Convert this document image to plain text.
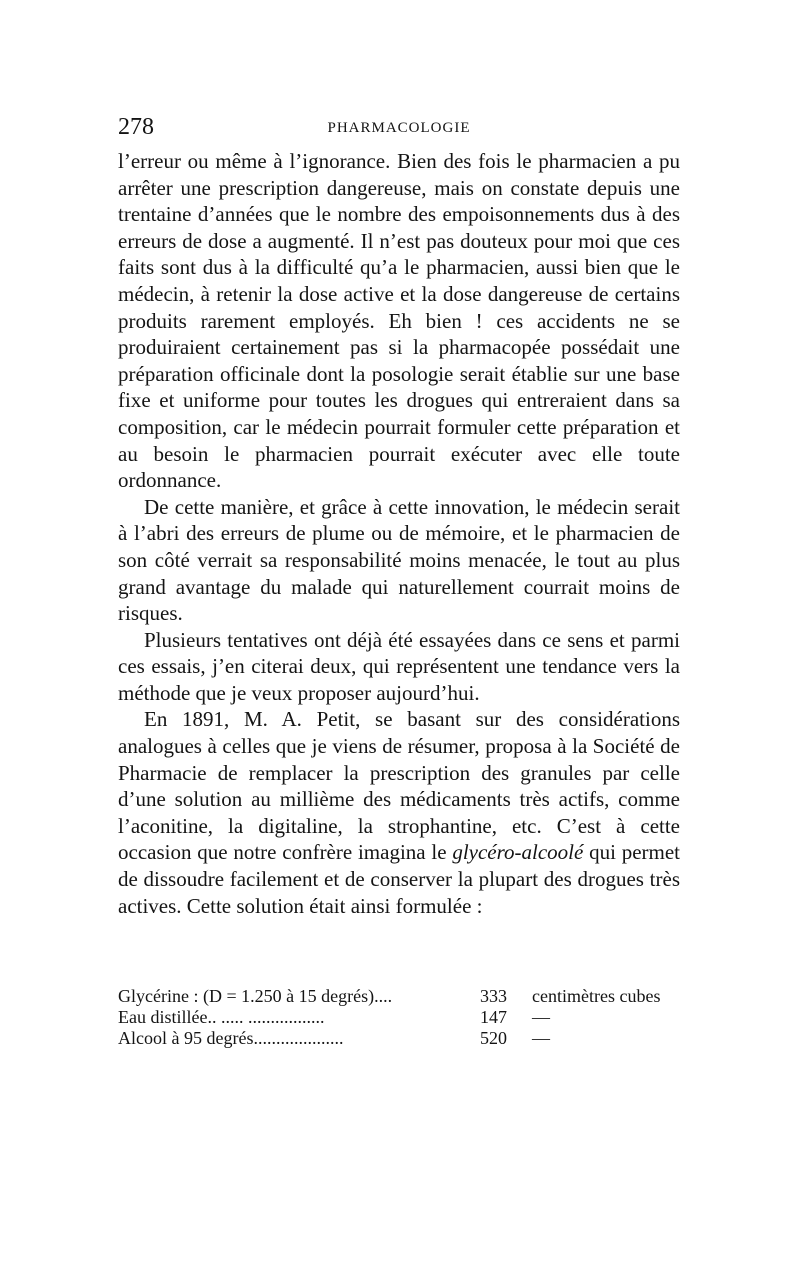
278	PHARMACOLOGIE

l’erreur ou même à l’ignorance. Bien des fois le pharmacien a pu arrêter une prescription dangereuse, mais on constate depuis une trentaine d’années que le nombre des empoisonnements dus à des erreurs de dose a augmenté. Il n’est pas douteux pour moi que ces faits sont dus à la difficulté qu’a le pharmacien, aussi bien que le médecin, à retenir la dose active et la dose dangereuse de certains produits rarement employés. Eh bien ! ces accidents ne se produiraient certainement pas si la pharmacopée possédait une préparation officinale dont la posologie serait établie sur une base fixe et uniforme pour toutes les drogues qui entreraient dans sa composition, car le médecin pourrait formuler cette préparation et au besoin le pharmacien pourrait exécuter avec elle toute ordonnance.

De cette manière, et grâce à cette innovation, le médecin serait à l’abri des erreurs de plume ou de mémoire, et le pharmacien de son côté verrait sa responsabilité moins menacée, le tout au plus grand avantage du malade qui naturellement courrait moins de risques.

Plusieurs tentatives ont déjà été essayées dans ce sens et parmi ces essais, j’en citerai deux, qui représentent une tendance vers la méthode que je veux proposer aujourd’hui.

En 1891, M. A. Petit, se basant sur des considérations analogues à celles que je viens de résumer, proposa à la Société de Pharmacie de remplacer la prescription des granules par celle d’une solution au millième des médicaments très actifs, comme l’aconitine, la digitaline, la strophantine, etc. C’est à cette occasion que notre confrère imagina le glycéro-alcoolé qui permet de dissoudre facilement et de conserver la plupart des drogues très actives. Cette solution était ainsi formulée :

Glycérine : (D = 1.250 à 15 degrés)....	333	centimètres cubes
Eau distillée.. ..... .................	147	—
Alcool à 95 degrés....................	520	—
